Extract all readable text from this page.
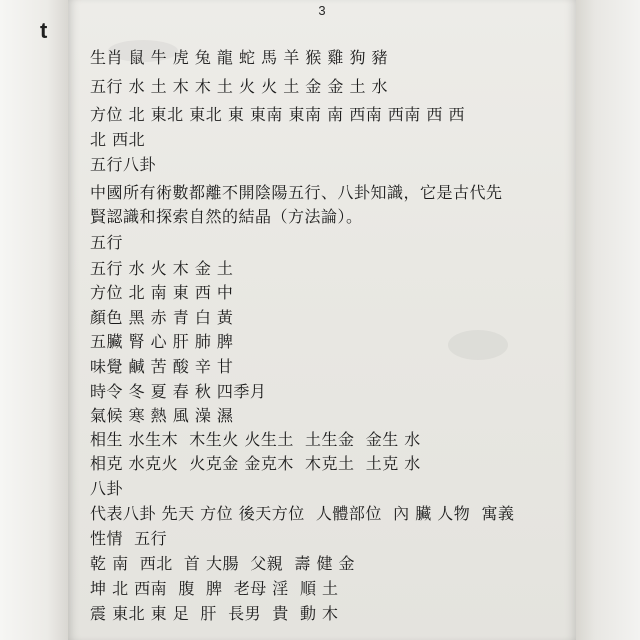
t
3
生肖 鼠 牛 虎 兔 龍 蛇 馬 羊 猴 雞 狗 豬
五行 水 土 木 木 土 火 火 土 金 金 土 水
方位 北 東北 東北 東 東南 東南 南 西南 西南 西 西
北 西北
五行八卦
中國所有術數都離不開陰陽五行、八卦知識，它是古代先
賢認識和探索自然的結晶（方法論）。
五行
五行 水 火 木 金 土
方位 北 南 東 西 中
顏色 黑 赤 青 白 黃
五臟 腎 心 肝 肺 脾
味覺 鹹 苦 酸 辛 甘
時令 冬 夏 春 秋 四季月
氣候 寒 熱 風 澡 濕
相生 水生木  木生火 火生土  土生金  金生 水
相克 水克火  火克金 金克木  木克土  土克 水
八卦
代表八卦 先天 方位 後天方位  人體部位  內 臟 人物  寓義
性情  五行
乾 南  西北  首 大腸  父親  壽 健 金
坤 北 西南  腹  脾  老母 淫  順 土
震 東北 東 足  肝  長男  貴  動 木
